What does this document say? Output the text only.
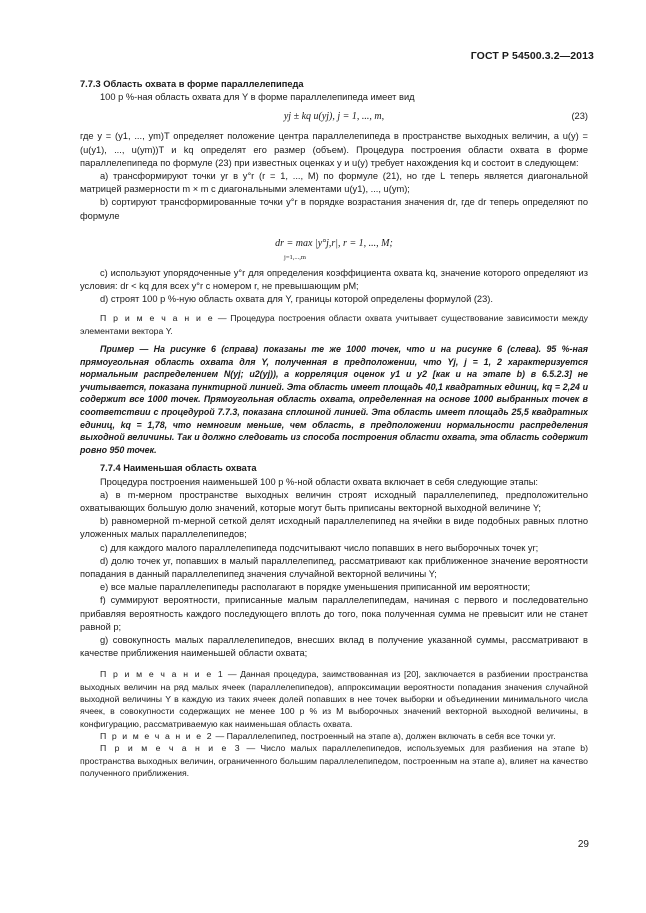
ГОСТ Р 54500.3.2—2013

7.7.3 Область охвата в форме параллелепипеда

100 p %-ная область охвата для Y в форме параллелепипеда имеет вид

yj ± kq u(yj), j = 1, ..., m,	(23)

где y = (y1, ..., ym)T определяет положение центра параллелепипеда в пространстве выходных величин, а u(y) = (u(y1), ..., u(ym))T и kq определят его размер (объем). Процедура построения области охвата в форме параллелепипеда по формуле (23) при известных оценках y и u(y) требует нахождения kq и состоит в следующем:

a) трансформируют точки yr в y°r (r = 1, ..., M) по формуле (21), но где L теперь является диагональной матрицей размерности m × m с диагональными элементами u(y1), ..., u(ym);

b) сортируют трансформированные точки y°r в порядке возрастания значения dr, где dr теперь определяют по формуле

dr = max |y°j,r|, r = 1, ..., M;
j=1,...,m

c) используют упорядоченные y°r для определения коэффициента охвата kq, значение которого определяют из условия: dr < kq для всех y°r с номером r, не превышающим pM;

d) строят 100 p %-ную область охвата для Y, границы которой определены формулой (23).

П р и м е ч а н и е — Процедура построения области охвата учитывает существование зависимости между элементами вектора Y.

Пример — На рисунке 6 (справа) показаны те же 1000 точек, что и на рисунке 6 (слева). 95 %-ная прямоугольная область охвата для Y, полученная в предположении, что Yj, j = 1, 2 характеризуется нормальным распределением N(yj; u2(yj)), а корреляция оценок y1 и y2 [как и на этапе b) в 6.5.2.3] не учитывается, показана пунктирной линией. Эта область имеет площадь 40,1 квадратных единиц, kq = 2,24 и содержит все 1000 точек. Прямоугольная область охвата, определенная на основе 1000 выбранных точек в соответствии с процедурой 7.7.3, показана сплошной линией. Эта область имеет площадь 25,5 квадратных единиц, kq = 1,78, что немногим меньше, чем область, в предположении нормальности распределения выходной величины. Так и должно следовать из способа построения области охвата, эта область содержит ровно 950 точек.

7.7.4 Наименьшая область охвата

Процедура построения наименьшей 100 p %-ной области охвата включает в себя следующие этапы:

a) в m-мерном пространстве выходных величин строят исходный параллелепипед, предположительно охватывающих большую долю значений, которые могут быть приписаны векторной выходной величине Y;

b) равномерной m-мерной сеткой делят исходный параллелепипед на ячейки в виде подобных равных плотно уложенных малых параллелепипедов;

c) для каждого малого параллелепипеда подсчитывают число попавших в него выборочных точек yr;

d) долю точек yr, попавших в малый параллелепипед, рассматривают как приближенное значение вероятности попадания в данный параллелепипед значения случайной векторной величины Y;

e) все малые параллелепипеды располагают в порядке уменьшения приписанной им вероятности;

f) суммируют вероятности, приписанные малым параллелепипедам, начиная с первого и последовательно прибавляя вероятность каждого последующего вплоть до того, пока полученная сумма не превысит или не станет равной p;

g) совокупность малых параллелепипедов, внесших вклад в получение указанной суммы, рассматривают в качестве приближения наименьшей области охвата;

П р и м е ч а н и е 1 — Данная процедура, заимствованная из [20], заключается в разбиении пространства выходных величин на ряд малых ячеек (параллелепипедов), аппроксимации вероятности попадания значения случайной выходной величины Y в каждую из таких ячеек долей попавших в нее точек выборки и объединении минимального числа ячеек, в совокупности содержащих не менее 100 p % из M выборочных значений векторной выходной величины, в конфигурацию, рассматриваемую как наименьшая область охвата.

П р и м е ч а н и е 2 — Параллелепипед, построенный на этапе а), должен включать в себя все точки yr.

П р и м е ч а н и е 3 — Число малых параллелепипедов, используемых для разбиения на этапе b) пространства выходных величин, ограниченного большим параллелепипедом, построенным на этапе a), влияет на качество полученного приближения.

29
